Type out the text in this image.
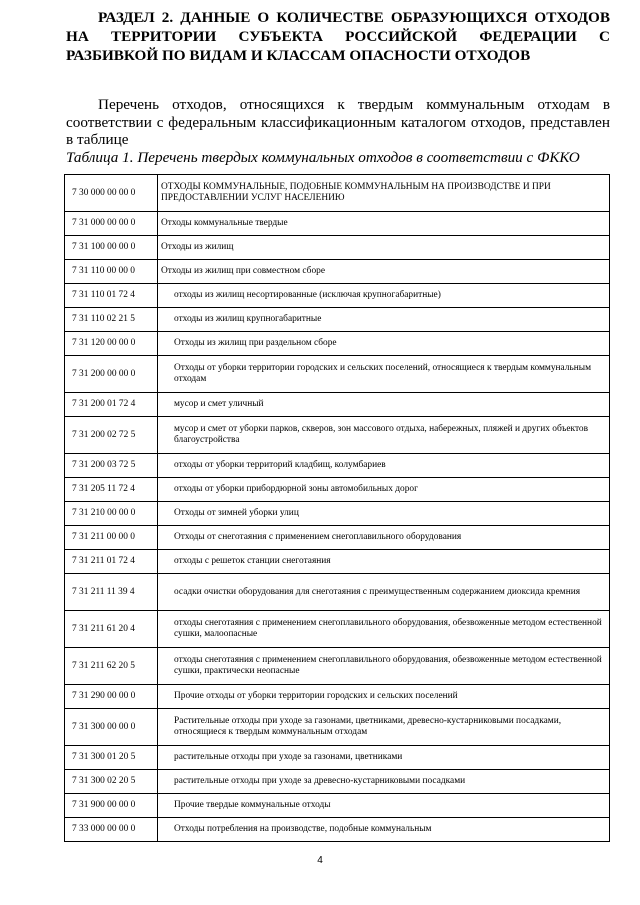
РАЗДЕЛ 2. ДАННЫЕ О КОЛИЧЕСТВЕ ОБРАЗУЮЩИХСЯ ОТХОДОВ НА ТЕРРИТОРИИ СУБЪЕКТА РОССИЙСКОЙ ФЕДЕРАЦИИ С РАЗБИВКОЙ ПО ВИДАМ И КЛАССАМ ОПАСНОСТИ ОТХОДОВ

Перечень отходов, относящихся к твердым коммунальным отходам в соответствии с федеральным классификационным каталогом отходов, представлен в таблице

Таблица 1. Перечень твердых коммунальных отходов в соответствии с ФККО

7 30 000 00 00 0	ОТХОДЫ КОММУНАЛЬНЫЕ, ПОДОБНЫЕ КОММУНАЛЬНЫМ НА ПРОИЗВОДСТВЕ И ПРИ ПРЕДОСТАВЛЕНИИ УСЛУГ НАСЕЛЕНИЮ
7 31 000 00 00 0	Отходы коммунальные твердые
7 31 100 00 00 0	Отходы из жилищ
7 31 110 00 00 0	Отходы из жилищ при совместном сборе
7 31 110 01 72 4	отходы из жилищ несортированные (исключая крупногабаритные)
7 31 110 02 21 5	отходы из жилищ крупногабаритные
7 31 120 00 00 0	Отходы из жилищ при раздельном сборе
7 31 200 00 00 0	Отходы от уборки территории городских и сельских поселений, относящиеся к твердым коммунальным отходам
7 31 200 01 72 4	мусор и смет уличный
7 31 200 02 72 5	мусор и смет от уборки парков, скверов, зон массового отдыха, набережных, пляжей и других объектов благоустройства
7 31 200 03 72 5	отходы от уборки территорий кладбищ, колумбариев
7 31 205 11 72 4	отходы от уборки прибордюрной зоны автомобильных дорог
7 31 210 00 00 0	Отходы от зимней уборки улиц
7 31 211 00 00 0	Отходы от снеготаяния с применением снегоплавильного оборудования
7 31 211 01 72 4	отходы с решеток станции снеготаяния
7 31 211 11 39 4	осадки очистки оборудования для снеготаяния с преимущественным содержанием диоксида кремния
7 31 211 61 20 4	отходы снеготаяния с применением снегоплавильного оборудования, обезвоженные методом естественной сушки, малоопасные
7 31 211 62 20 5	отходы снеготаяния с применением снегоплавильного оборудования, обезвоженные методом естественной сушки, практически неопасные
7 31 290 00 00 0	Прочие отходы от уборки территории городских и сельских поселений
7 31 300 00 00 0	Растительные отходы при уходе за газонами, цветниками, древесно-кустарниковыми посадками, относящиеся к твердым коммунальным отходам
7 31 300 01 20 5	растительные отходы при уходе за газонами, цветниками
7 31 300 02 20 5	растительные отходы при уходе за древесно-кустарниковыми посадками
7 31 900 00 00 0	Прочие твердые коммунальные отходы
7 33 000 00 00 0	Отходы потребления на производстве, подобные коммунальным
4
